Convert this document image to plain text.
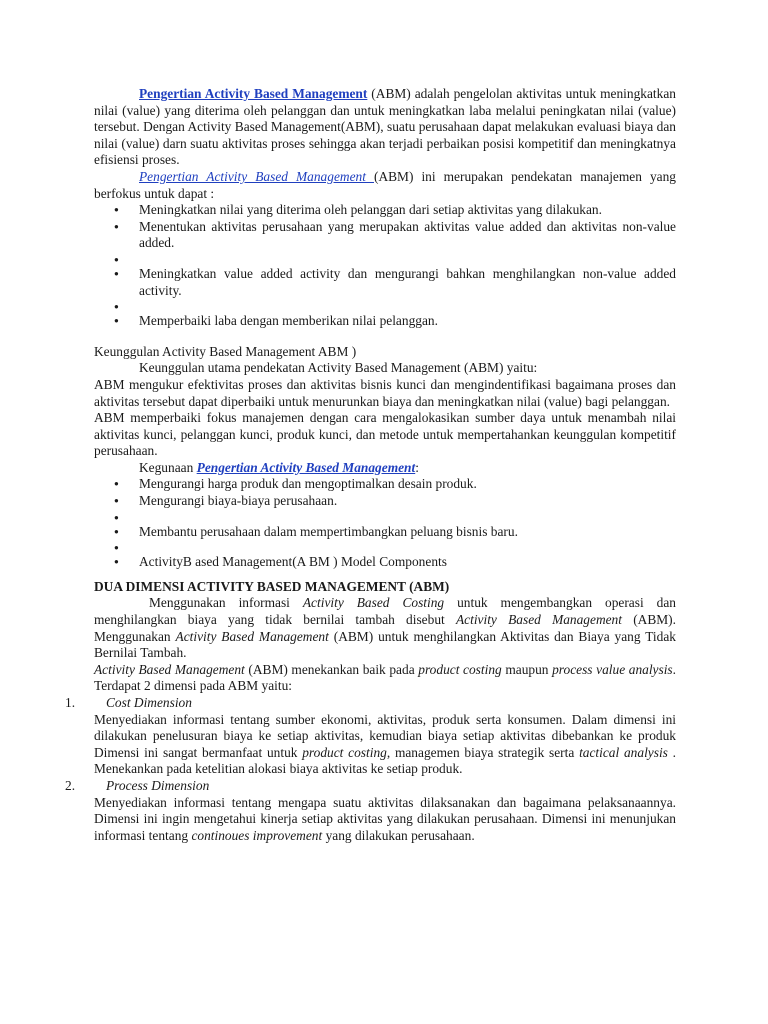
Pengertian Activity Based Management (ABM) adalah pengelolan aktivitas untuk meningkatkan nilai (value) yang diterima oleh pelanggan dan untuk meningkatkan laba melalui peningkatan nilai (value) tersebut. Dengan Activity Based Management(ABM), suatu perusahaan dapat melakukan evaluasi biaya dan nilai (value) darn suatu aktivitas proses sehingga akan terjadi perbaikan posisi kompetitif dan meningkatnya efisiensi proses.

Pengertian Activity Based Management (ABM) ini merupakan pendekatan manajemen yang berfokus untuk dapat :

● Meningkatkan nilai yang diterima oleh pelanggan dari setiap aktivitas yang dilakukan.
● Menentukan aktivitas perusahaan yang merupakan aktivitas value added dan aktivitas non-value added.
●
● Meningkatkan value added activity dan mengurangi bahkan menghilangkan non-value added activity.
●
● Memperbaiki laba dengan memberikan nilai pelanggan.

Keunggulan Activity Based Management ABM )

Keunggulan utama pendekatan Activity Based Management (ABM) yaitu:

ABM mengukur efektivitas proses dan aktivitas bisnis kunci dan mengindentifikasi bagaimana proses dan aktivitas tersebut dapat diperbaiki untuk menurunkan biaya dan meningkatkan nilai (value) bagi pelanggan.

ABM memperbaiki fokus manajemen dengan cara mengalokasikan sumber daya untuk menambah nilai aktivitas kunci, pelanggan kunci, produk kunci, dan metode untuk mempertahankan keunggulan kompetitif perusahaan.

Kegunaan Pengertian Activity Based Management:

● Mengurangi harga produk dan mengoptimalkan desain produk.
● Mengurangi biaya-biaya perusahaan.
●
● Membantu perusahaan dalam mempertimbangkan peluang bisnis baru.
●
● ActivityB ased Management(A BM ) Model Components

DUA DIMENSI ACTIVITY BASED MANAGEMENT (ABM)

Menggunakan informasi Activity Based Costing untuk mengembangkan operasi dan menghilangkan biaya yang tidak bernilai tambah disebut Activity Based Management (ABM). Menggunakan Activity Based Management (ABM) untuk menghilangkan Aktivitas dan Biaya yang Tidak Bernilai Tambah.

Activity Based Management (ABM) menekankan baik pada product costing maupun process value analysis. Terdapat 2 dimensi pada ABM yaitu:

1. Cost Dimension

Menyediakan informasi tentang sumber ekonomi, aktivitas, produk serta konsumen. Dalam dimensi ini dilakukan penelusuran biaya ke setiap aktivitas, kemudian biaya setiap aktivitas dibebankan ke produk Dimensi ini sangat bermanfaat untuk product costing, managemen biaya strategik serta tactical analysis . Menekankan pada ketelitian alokasi biaya aktivitas ke setiap produk.

2. Process Dimension

Menyediakan informasi tentang mengapa suatu aktivitas dilaksanakan dan bagaimana pelaksanaannya. Dimensi ini ingin mengetahui kinerja setiap aktivitas yang dilakukan perusahaan. Dimensi ini menunjukan informasi tentang continoues improvement yang dilakukan perusahaan.
